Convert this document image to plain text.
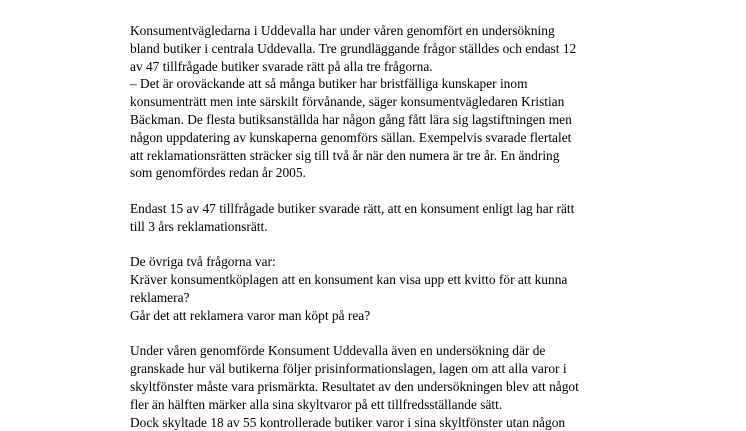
Konsumentvägledarna i Uddevalla har under våren genomfört en undersökning
bland butiker i centrala Uddevalla. Tre grundläggande frågor ställdes och endast 12
av 47 tillfrågade butiker svarade rätt på alla tre frågorna.
– Det är oroväckande att så många butiker har bristfälliga kunskaper inom
konsumenträtt men inte särskilt förvånande, säger konsumentvägledaren Kristian
Bäckman. De flesta butiksanställda har någon gång fått lära sig lagstiftningen men
någon uppdatering av kunskaperna genomförs sällan. Exempelvis svarade flertalet
att reklamationsrätten sträcker sig till två år när den numera är tre år. En ändring
som genomfördes redan år 2005.
Endast 15 av 47 tillfrågade butiker svarade rätt, att en konsument enligt lag har rätt
till 3 års reklamationsrätt.
De övriga två frågorna var:
Kräver konsumentköplagen att en konsument kan visa upp ett kvitto för att kunna
reklamera?
Går det att reklamera varor man köpt på rea?
Under våren genomförde Konsument Uddevalla även en undersökning där de
granskade hur väl butikerna följer prisinformationslagen, lagen om att alla varor i
skyltfönster måste vara prismärkta. Resultatet av den undersökningen blev att något
fler än hälften märker alla sina skyltvaror på ett tillfredsställande sätt.
Dock skyltade 18 av 55 kontrollerade butiker varor i sina skyltfönster utan någon
